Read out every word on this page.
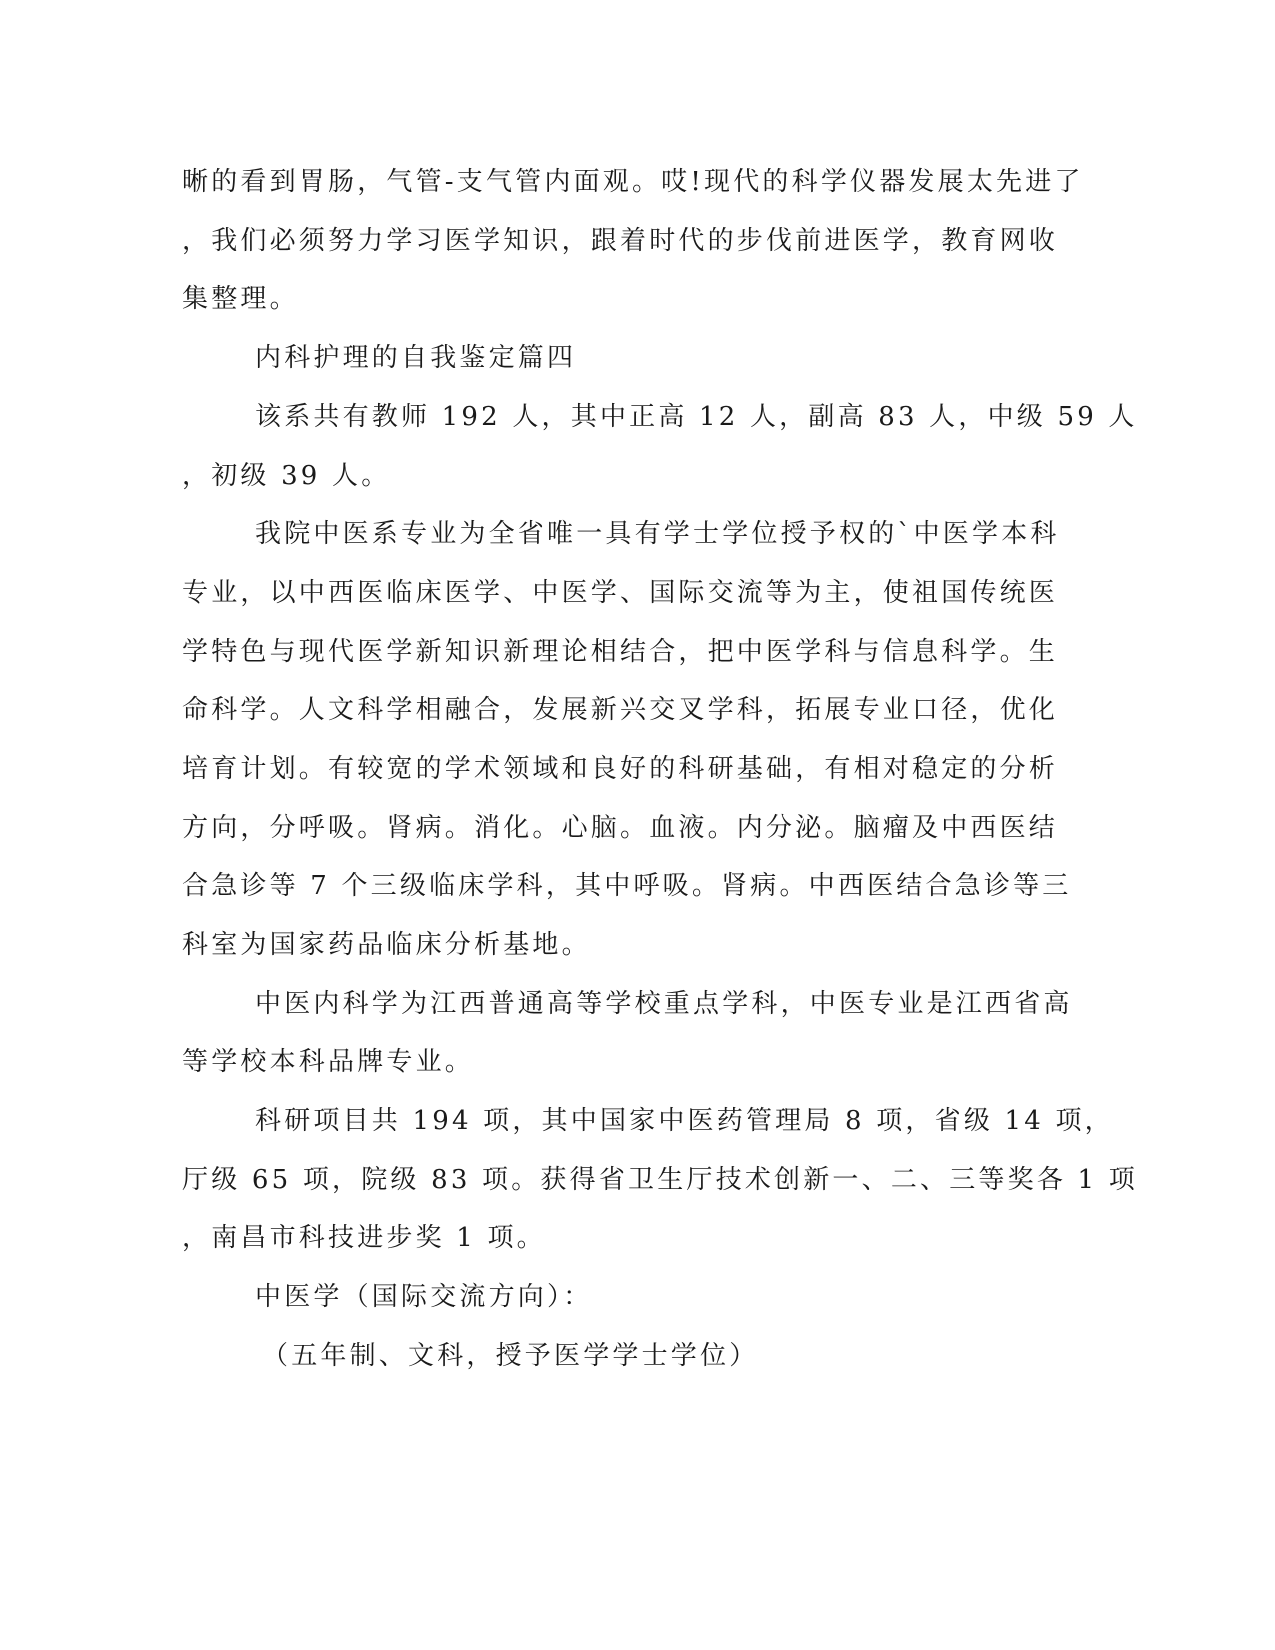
晰的看到胃肠，气管-支气管内面观。哎!现代的科学仪器发展太先进了
，我们必须努力学习医学知识，跟着时代的步伐前进医学，教育网收
集整理。
内科护理的自我鉴定篇四
该系共有教师 192 人，其中正高 12 人，副高 83 人，中级 59 人
，初级 39 人。
我院中医系专业为全省唯一具有学士学位授予权的`中医学本科
专业，以中西医临床医学、中医学、国际交流等为主，使祖国传统医
学特色与现代医学新知识新理论相结合，把中医学科与信息科学。生
命科学。人文科学相融合，发展新兴交叉学科，拓展专业口径，优化
培育计划。有较宽的学术领域和良好的科研基础，有相对稳定的分析
方向，分呼吸。肾病。消化。心脑。血液。内分泌。脑瘤及中西医结
合急诊等 7 个三级临床学科，其中呼吸。肾病。中西医结合急诊等三
科室为国家药品临床分析基地。
中医内科学为江西普通高等学校重点学科，中医专业是江西省高
等学校本科品牌专业。
科研项目共 194 项，其中国家中医药管理局 8 项，省级 14 项，
厅级 65 项，院级 83 项。获得省卫生厅技术创新一、二、三等奖各 1 项
，南昌市科技进步奖 1 项。
中医学（国际交流方向）：
（五年制、文科，授予医学学士学位）
